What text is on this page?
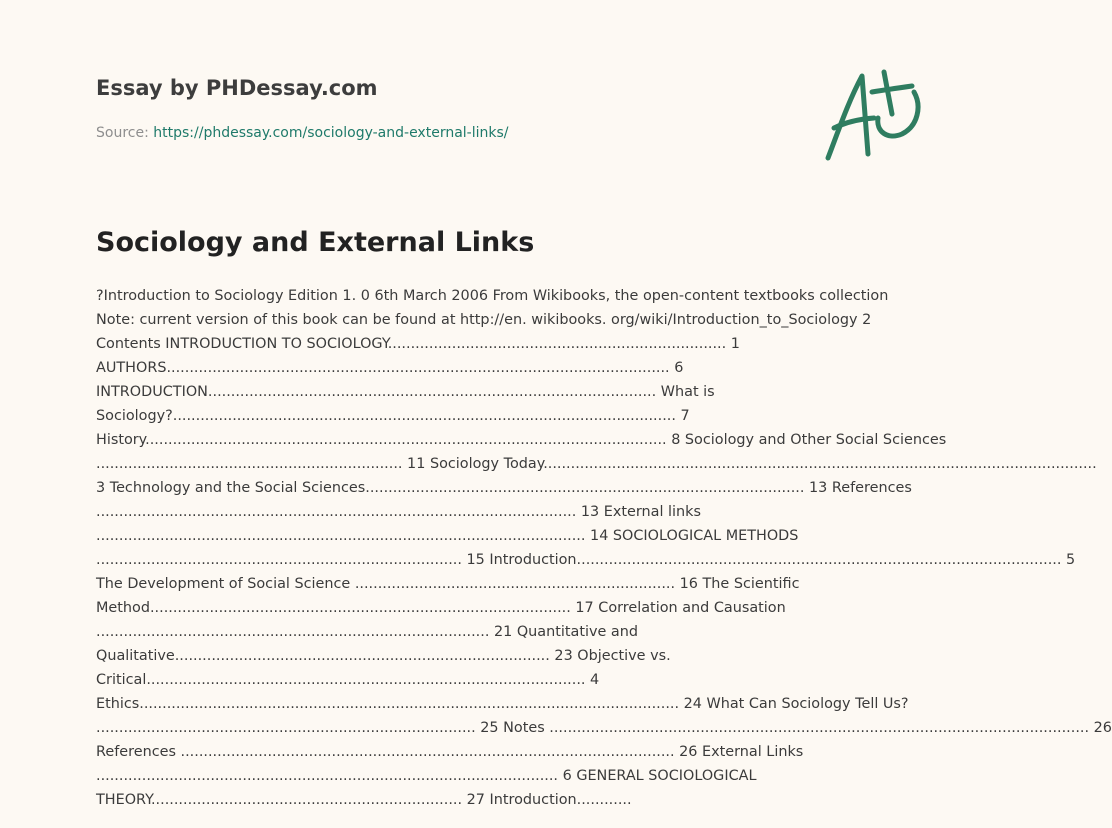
Essay by PHDessay.com
Source: https://phdessay.com/sociology-and-external-links/
Sociology and External Links
?Introduction to Sociology Edition 1. 0 6th March 2006 From Wikibooks, the open-content textbooks collection
Note: current version of this book can be found at http://en. wikibooks. org/wiki/Introduction_to_Sociology 2
Contents INTRODUCTION TO SOCIOLOGY.......................................................................... 1
AUTHORS.............................................................................................................. 6
INTRODUCTION.................................................................................................. What is
Sociology?.............................................................................................................. 7
History.................................................................................................................. 8 Sociology and Other Social Sciences
................................................................... 11 Sociology Today.........................................................................................................................
3 Technology and the Social Sciences................................................................................................ 13 References
......................................................................................................... 13 External links
........................................................................................................... 14 SOCIOLOGICAL METHODS
................................................................................ 15 Introduction.......................................................................................................... 5
The Development of Social Science ...................................................................... 16 The Scientific
Method............................................................................................ 17 Correlation and Causation
...................................................................................... 21 Quantitative and
Qualitative.................................................................................. 23 Objective vs.
Critical................................................................................................ 4
Ethics...................................................................................................................... 24 What Can Sociology Tell Us?
................................................................................... 25 Notes ...................................................................................................................... 26
References ............................................................................................................ 26 External Links
..................................................................................................... 6 GENERAL SOCIOLOGICAL
THEORY.................................................................... 27 Introduction............
